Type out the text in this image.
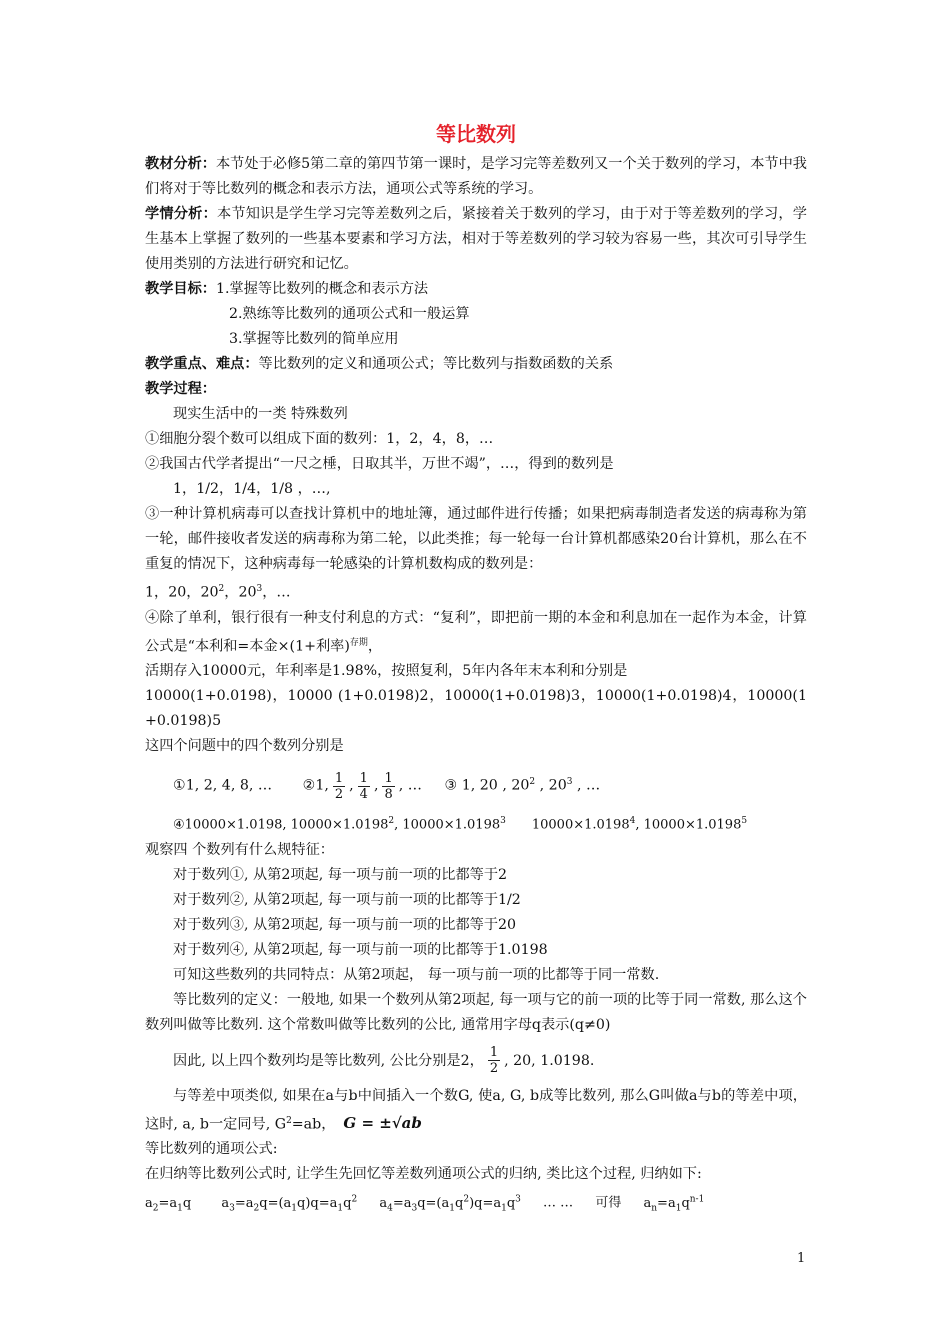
等比数列

教材分析：本节处于必修5第二章的第四节第一课时，是学习完等差数列又一个关于数列的学习，本节中我们将对于等比数列的概念和表示方法，通项公式等系统的学习。

学情分析：本节知识是学生学习完等差数列之后，紧接着关于数列的学习，由于对于等差数列的学习，学生基本上掌握了数列的一些基本要素和学习方法，相对于等差数列的学习较为容易一些，其次可引导学生使用类别的方法进行研究和记忆。

教学目标：1.掌握等比数列的概念和表示方法

2.熟练等比数列的通项公式和一般运算

3.掌握等比数列的简单应用

教学重点、难点：等比数列的定义和通项公式；等比数列与指数函数的关系

教学过程：

现实生活中的一类 特殊数列

①细胞分裂个数可以组成下面的数列：1，2，4，8，…

②我国古代学者提出“一尺之棰，日取其半，万世不竭”，…，得到的数列是

1，1/2，1/4，1/8 ，…,

③一种计算机病毒可以查找计算机中的地址簿，通过邮件进行传播；如果把病毒制造者发送的病毒称为第一轮，邮件接收者发送的病毒称为第二轮，以此类推；每一轮每一台计算机都感染20台计算机，那么在不重复的情况下，这种病毒每一轮感染的计算机数构成的数列是：

1，20，$20^2$，$20^3$，…

④除了单利，银行很有一种支付利息的方式：“复利”，即把前一期的本金和利息加在一起作为本金，计算公式是“本利和=本金×(1+利率)$^{存期}$，

活期存入10000元，年利率是1.98%，按照复利，5年内各年末本利和分别是

10000(1+0.0198)，10000 (1+0.0198)2，10000(1+0.0198)3，10000(1+0.0198)4，10000(1+0.0198)5

这四个问题中的四个数列分别是

①1, 2, 4, 8, … ②1, $\frac{1}{2}$ , $\frac{1}{4}$ , $\frac{1}{8}$ , … ③ 1, 20 , $20^2$ , $20^3$ , …

④10000×1.0198, $10000\times 1.0198^2$, $10000\times 1.0198^3$ $10000\times 1.0198^4$, $10000\times 1.0198^5$

观察四 个数列有什么规特征：

对于数列①, 从第2项起, 每一项与前一项的比都等于2

对于数列②, 从第2项起, 每一项与前一项的比都等于1/2

对于数列③, 从第2项起, 每一项与前一项的比都等于20

对于数列④, 从第2项起, 每一项与前一项的比都等于1.0198

可知这些数列的共同特点：从第2项起， 每一项与前一项的比都等于同一常数.

等比数列的定义：一般地, 如果一个数列从第2项起, 每一项与它的前一项的比等于同一常数, 那么这个数列叫做等比数列. 这个常数叫做等比数列的公比, 通常用字母q表示(q≠0)

因此, 以上四个数列均是等比数列, 公比分别是2， $\frac{1}{2}$ , 20, 1.0198.

与等差中项类似, 如果在a与b中间插入一个数G, 使a, G, b成等比数列, 那么G叫做a与b的等差中项，这时, a, b一定同号, $G^2=ab$， G = ±√ab

等比数列的通项公式:

在归纳等比数列公式时, 让学生先回忆等差数列通项公式的归纳, 类比这个过程, 归纳如下:

$a_2=a_1q$ $a_3=a_2q=(a_1q)q=a_1q^2$ $a_4=a_3q=(a_1q^2)q=a_1q^3$ … … 可得 $a_n=a_1q^{n-1}$

1
